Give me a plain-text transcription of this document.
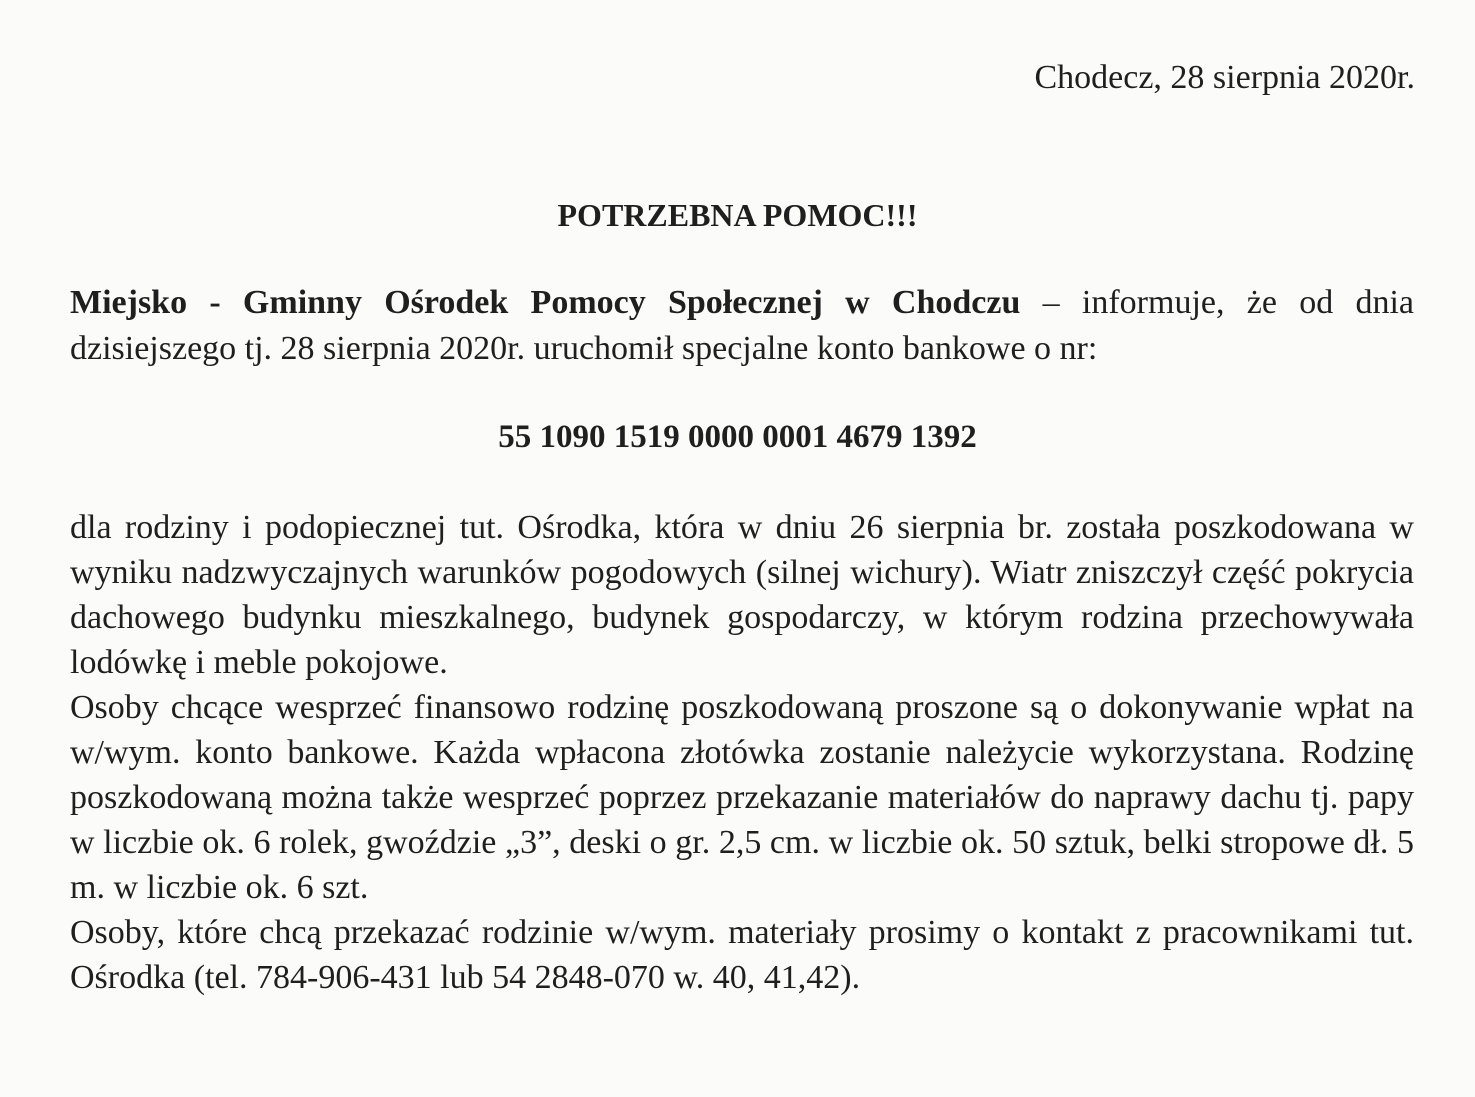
Chodecz, 28 sierpnia 2020r.
POTRZEBNA POMOC!!!
Miejsko - Gminny Ośrodek Pomocy Społecznej w Chodczu – informuje, że od dnia dzisiejszego tj. 28 sierpnia 2020r. uruchomił specjalne konto bankowe o nr:
55 1090 1519 0000 0001 4679 1392

dla rodziny i podopiecznej tut. Ośrodka, która w dniu 26 sierpnia br. została poszkodowana w wyniku nadzwyczajnych warunków pogodowych (silnej wichury). Wiatr zniszczył część pokrycia dachowego budynku mieszkalnego, budynek gospodarczy, w którym rodzina przechowywała lodówkę i meble pokojowe.

Osoby chcące wesprzeć finansowo rodzinę poszkodowaną proszone są o dokonywanie wpłat na w/wym. konto bankowe. Każda wpłacona złotówka zostanie należycie wykorzystana. Rodzinę poszkodowaną można także wesprzeć poprzez przekazanie materiałów do naprawy dachu tj. papy w liczbie ok. 6 rolek, gwoździe „3”, deski o gr. 2,5 cm. w liczbie ok. 50 sztuk, belki stropowe dł. 5 m. w liczbie ok. 6 szt.

Osoby, które chcą przekazać rodzinie w/wym. materiały prosimy o kontakt z pracownikami tut. Ośrodka (tel. 784-906-431 lub 54 2848-070 w. 40, 41,42).
